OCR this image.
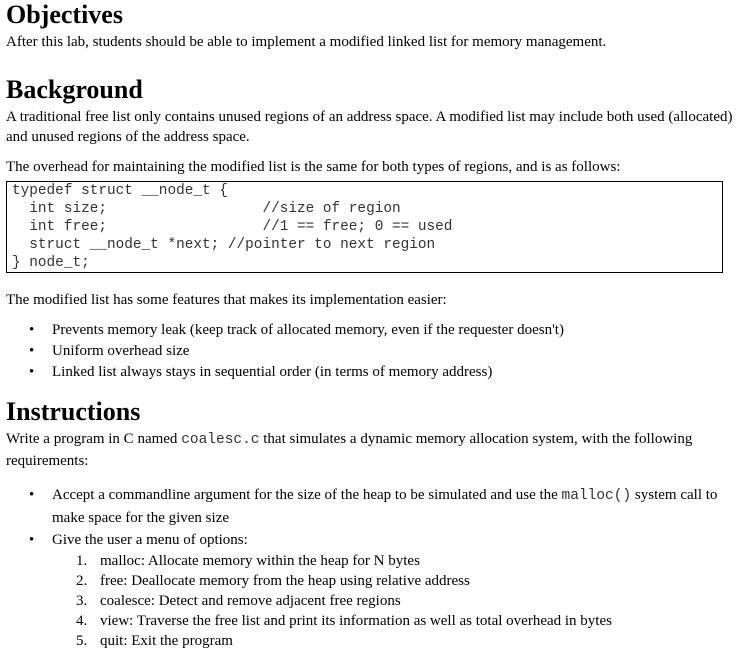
Objectives

After this lab, students should be able to implement a modified linked list for memory management.

Background

A traditional free list only contains unused regions of an address space. A modified list may include both used (allocated) and unused regions of the address space.

The overhead for maintaining the modified list is the same for both types of regions, and is as follows:

typedef struct __node_t {
int size;                  //size of region
int free;                  //1 == free; 0 == used
struct __node_t *next; //pointer to next region
} node_t;

The modified list has some features that makes its implementation easier:

• Prevents memory leak (keep track of allocated memory, even if the requester doesn't)
• Uniform overhead size
• Linked list always stays in sequential order (in terms of memory address)
Instructions

Write a program in C named coalesc.c that simulates a dynamic memory allocation system, with the following requirements:

• Accept a commandline argument for the size of the heap to be simulated and use the malloc() system call to make space for the given size
• Give the user a menu of options:
1. malloc: Allocate memory within the heap for N bytes
2. free: Deallocate memory from the heap using relative address
3. coalesce: Detect and remove adjacent free regions
4. view: Traverse the free list and print its information as well as total overhead in bytes
5. quit: Exit the program
